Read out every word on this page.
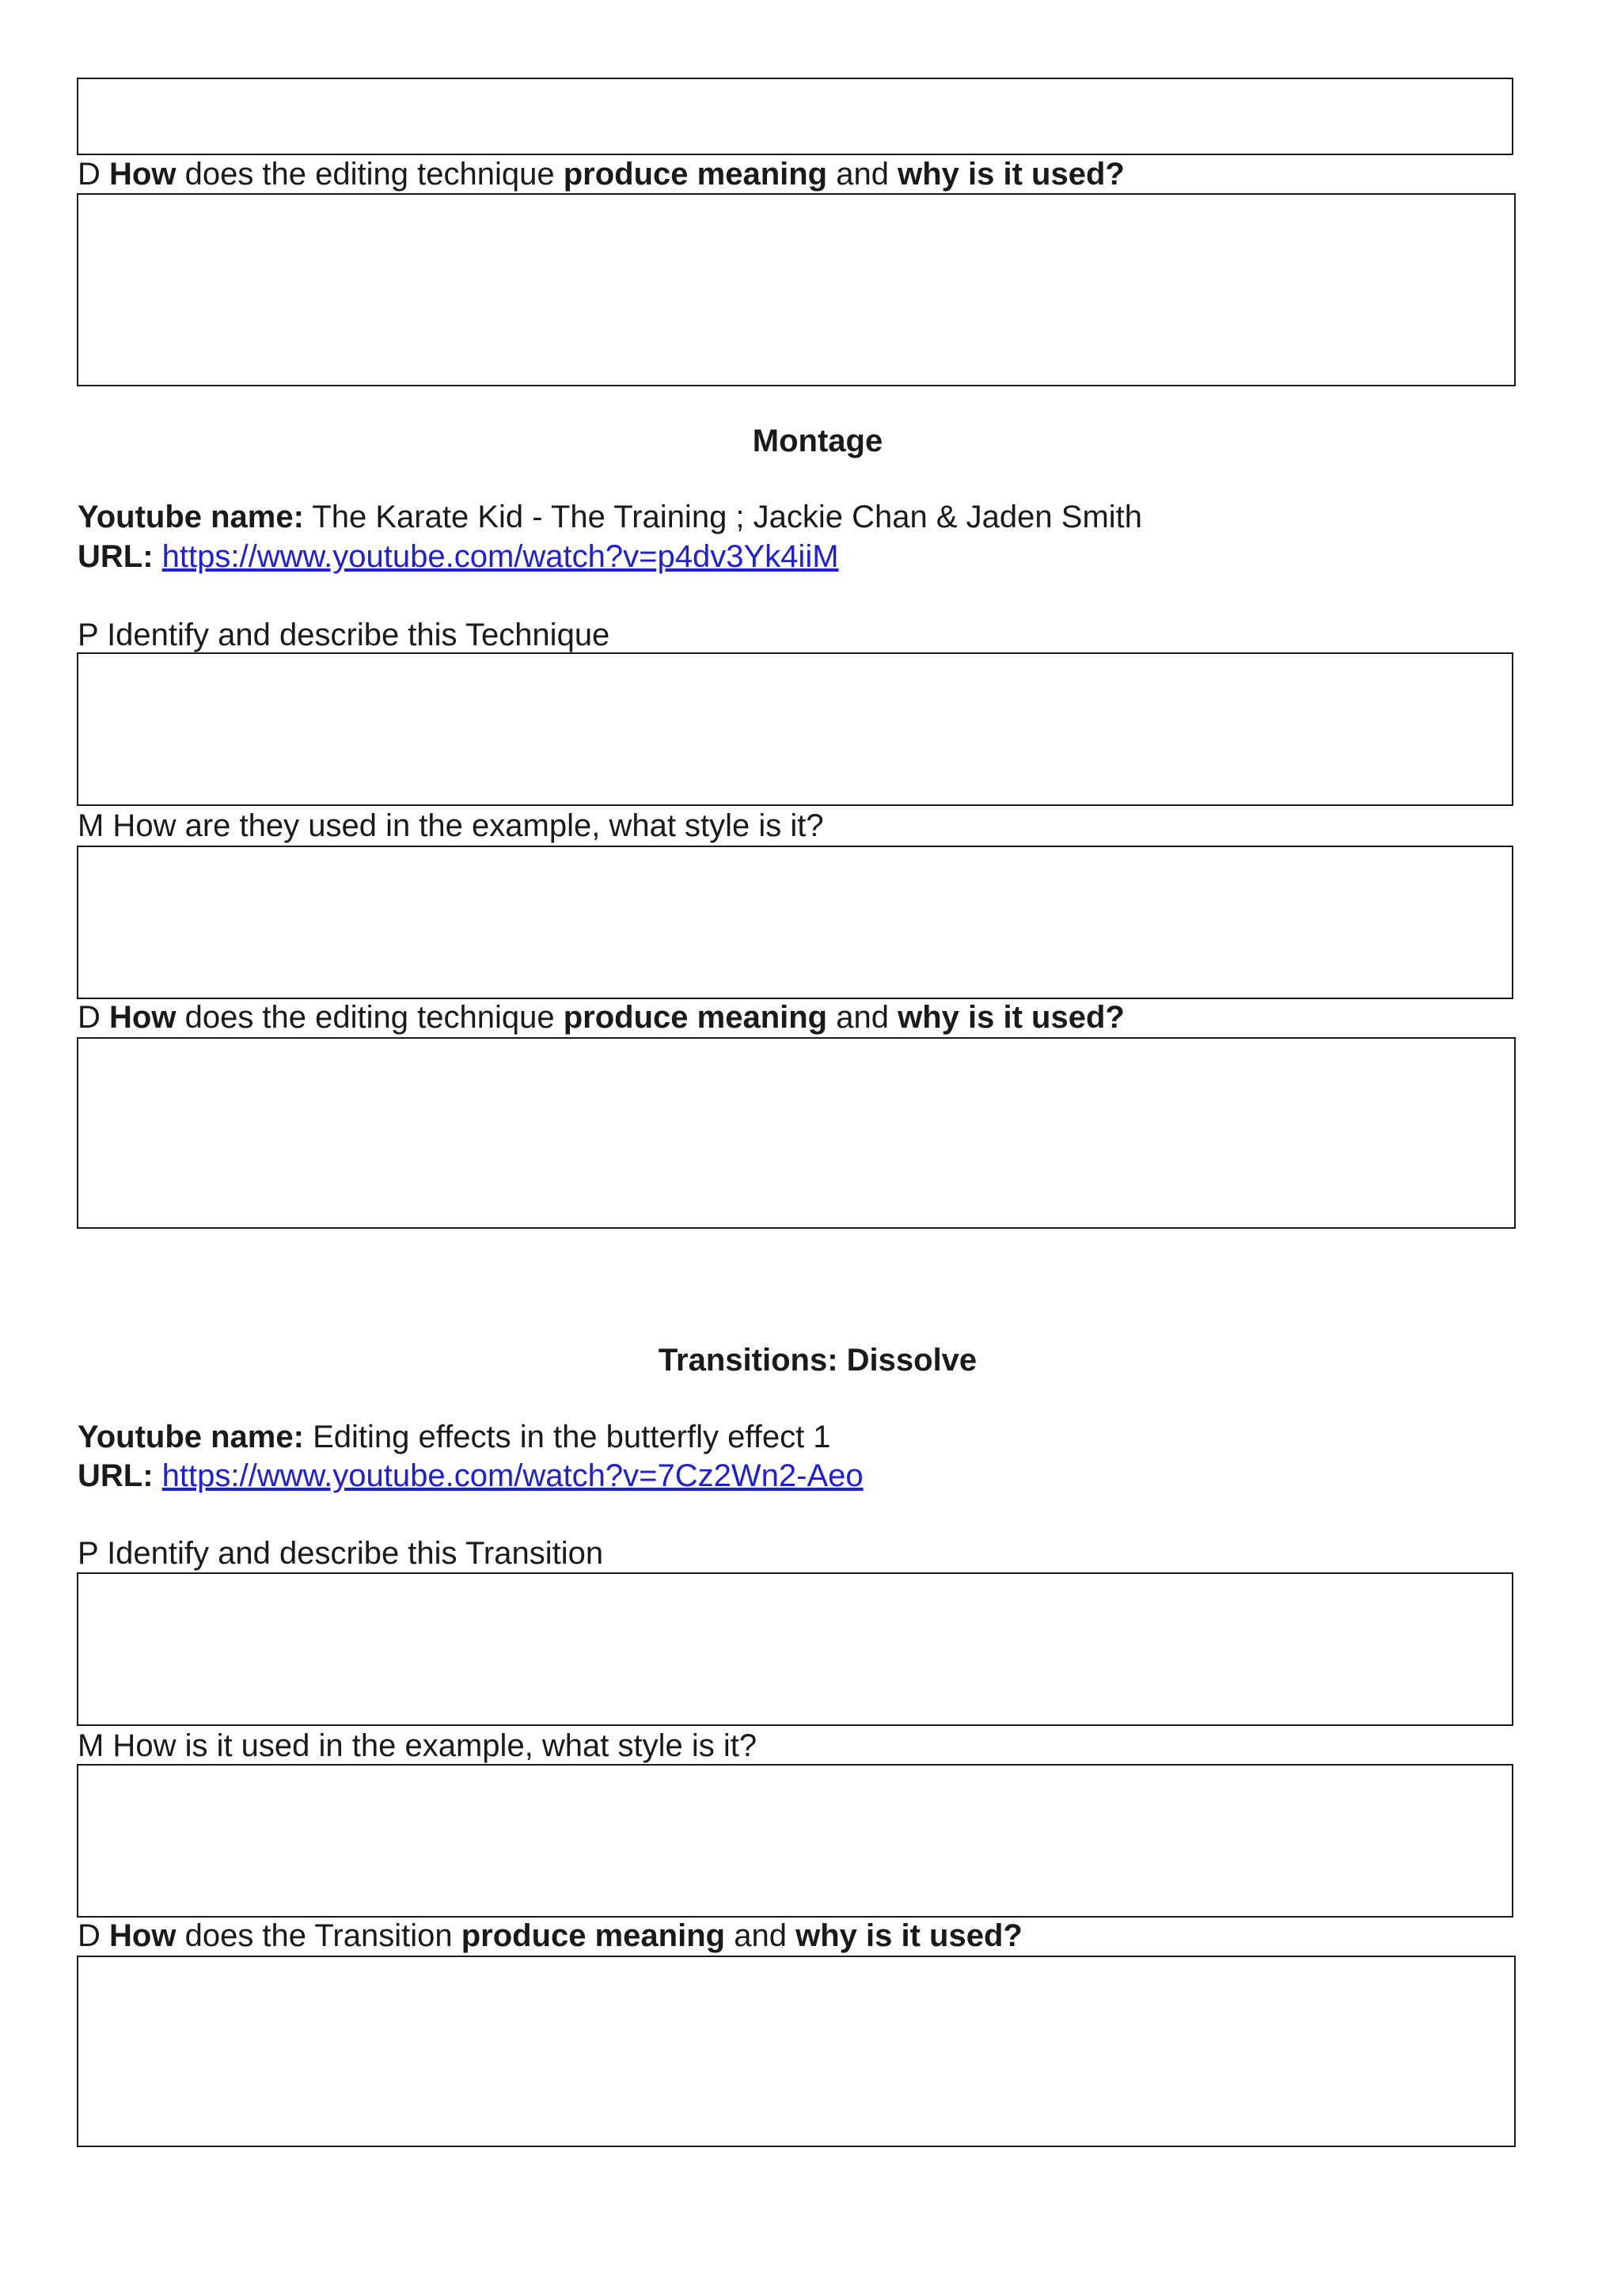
D How does the editing technique produce meaning and why is it used?
Montage
Youtube name: The Karate Kid - The Training ; Jackie Chan & Jaden Smith
URL: https://www.youtube.com/watch?v=p4dv3Yk4iiM
P Identify and describe this Technique
M How are they used in the example, what style is it?
D How does the editing technique produce meaning and why is it used?
Transitions: Dissolve
Youtube name: Editing effects in the butterfly effect 1
URL: https://www.youtube.com/watch?v=7Cz2Wn2-Aeo
P Identify and describe this Transition
M How is it used in the example, what style is it?
D How does the Transition produce meaning and why is it used?
